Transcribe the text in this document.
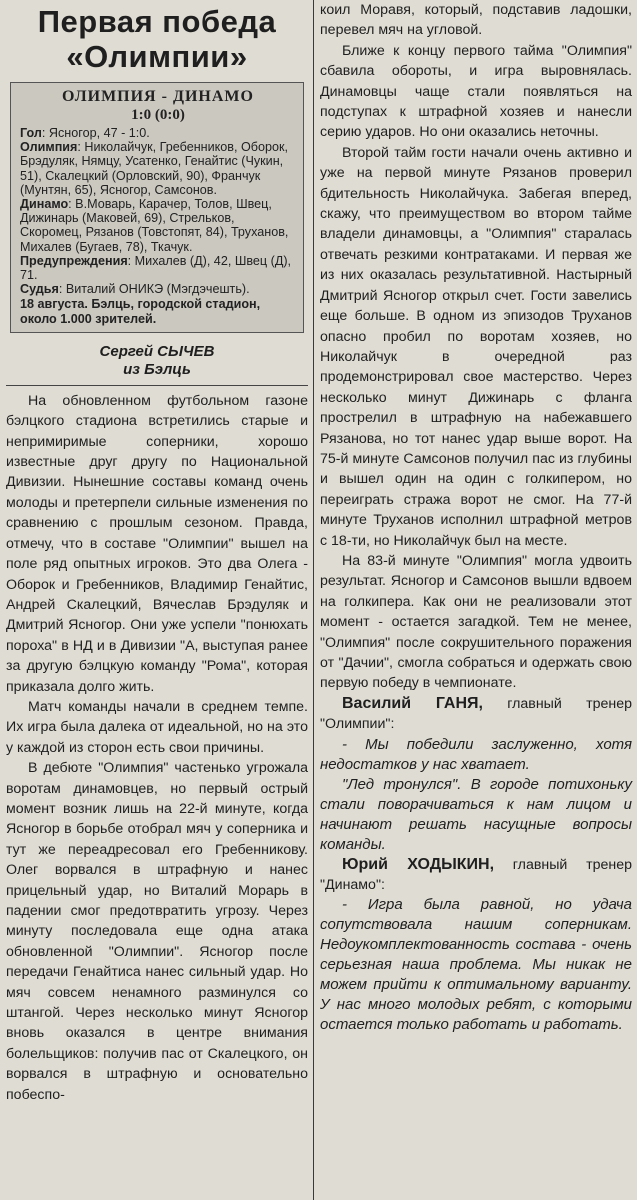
Первая победа
«Олимпии»
ОЛИМПИЯ - ДИНАМО
1:0 (0:0)

Гол: Ясногор, 47 - 1:0.

Олимпия: Николайчук, Гребенников, Оборок, Брэдуляк, Нямцу, Усатенко, Генайтис (Чукин, 51), Скалецкий (Орловский, 90), Франчук (Мунтян, 65), Ясногор, Самсонов.

Динамо: В.Моварь, Карачер, Толов, Швец, Дижинарь (Маковей, 69), Стрельков, Скоромец, Рязанов (Товстопят, 84), Труханов, Михалев (Бугаев, 78), Ткачук.

Предупреждения: Михалев (Д), 42, Швец (Д), 71.

Судья: Виталий ОНИКЭ (Мэгдэчешть).

18 августа. Бэлць, городской стадион, около 1.000 зрителей.

Сергей СЫЧЕВ
из Бэлць

На обновленном футбольном газоне бэлцкого стадиона встретились старые и непримиримые соперники, хорошо известные друг другу по Национальной Дивизии. Нынешние составы команд очень молоды и претерпели сильные изменения по сравнению с прошлым сезоном. Правда, отмечу, что в составе "Олимпии" вышел на поле ряд опытных игроков. Это два Олега - Оборок и Гребенников, Владимир Генайтис, Андрей Скалецкий, Вячеслав Брэдуляк и Дмитрий Ясногор. Они уже успели "понюхать пороха" в НД и в Дивизии "А, выступая ранее за другую бэлцкую команду "Рома", которая приказала долго жить.

Матч команды начали в среднем темпе. Их игра была далека от идеальной, но на это у каждой из сторон есть свои причины.

В дебюте "Олимпия" частенько угрожала воротам динамовцев, но первый острый момент возник лишь на 22-й минуте, когда Ясногор в борьбе отобрал мяч у соперника и тут же переадресовал его Гребенникову. Олег ворвался в штрафную и нанес прицельный удар, но Виталий Морарь в падении смог предотвратить угрозу. Через минуту последовала еще одна атака обновленной "Олимпии". Ясногор после передачи Генайтиса нанес сильный удар. Но мяч совсем ненамного разминулся со штангой. Через несколько минут Ясногор вновь оказался в центре внимания болельщиков: получив пас от Скалецкого, он ворвался в штрафную и основательно побеспо-

коил Моравя, который, подставив ладошки, перевел мяч на угловой.

Ближе к концу первого тайма "Олимпия" сбавила обороты, и игра выровнялась. Динамовцы чаще стали появляться на подступах к штрафной хозяев и нанесли серию ударов. Но они оказались неточны.

Второй тайм гости начали очень активно и уже на первой минуте Рязанов проверил бдительность Николайчука. Забегая вперед, скажу, что преимуществом во втором тайме владели динамовцы, а "Олимпия" старалась отвечать резкими контратаками. И первая же из них оказалась результативной. Настырный Дмитрий Ясногор открыл счет. Гости завелись еще больше. В одном из эпизодов Труханов опасно пробил по воротам хозяев, но Николайчук в очередной раз продемонстрировал свое мастерство. Через несколько минут Дижинарь с фланга прострелил в штрафную на набежавшего Рязанова, но тот нанес удар выше ворот. На 75-й минуте Самсонов получил пас из глубины и вышел один на один с голкипером, но переиграть стража ворот не смог. На 77-й минуте Труханов исполнил штрафной метров с 18-ти, но Николайчук был на месте.

На 83-й минуте "Олимпия" могла удвоить результат. Ясногор и Самсонов вышли вдвоем на голкипера. Как они не реализовали этот момент - остается загадкой. Тем не менее, "Олимпия" после сокрушительного поражения от "Дачии", смогла собраться и одержать свою первую победу в чемпионате.

Василий ГАНЯ, главный тренер "Олимпии":

- Мы победили заслуженно, хотя недостатков у нас хватает.

"Лед тронулся". В городе потихоньку стали поворачиваться к нам лицом и начинают решать насущные вопросы команды.

Юрий ХОДЫКИН, главный тренер "Динамо":

- Игра была равной, но удача сопутствовала нашим соперникам. Недоукомплектованность состава - очень серьезная наша проблема. Мы никак не можем прийти к оптимальному варианту. У нас много молодых ребят, с которыми остается только работать и работать.
